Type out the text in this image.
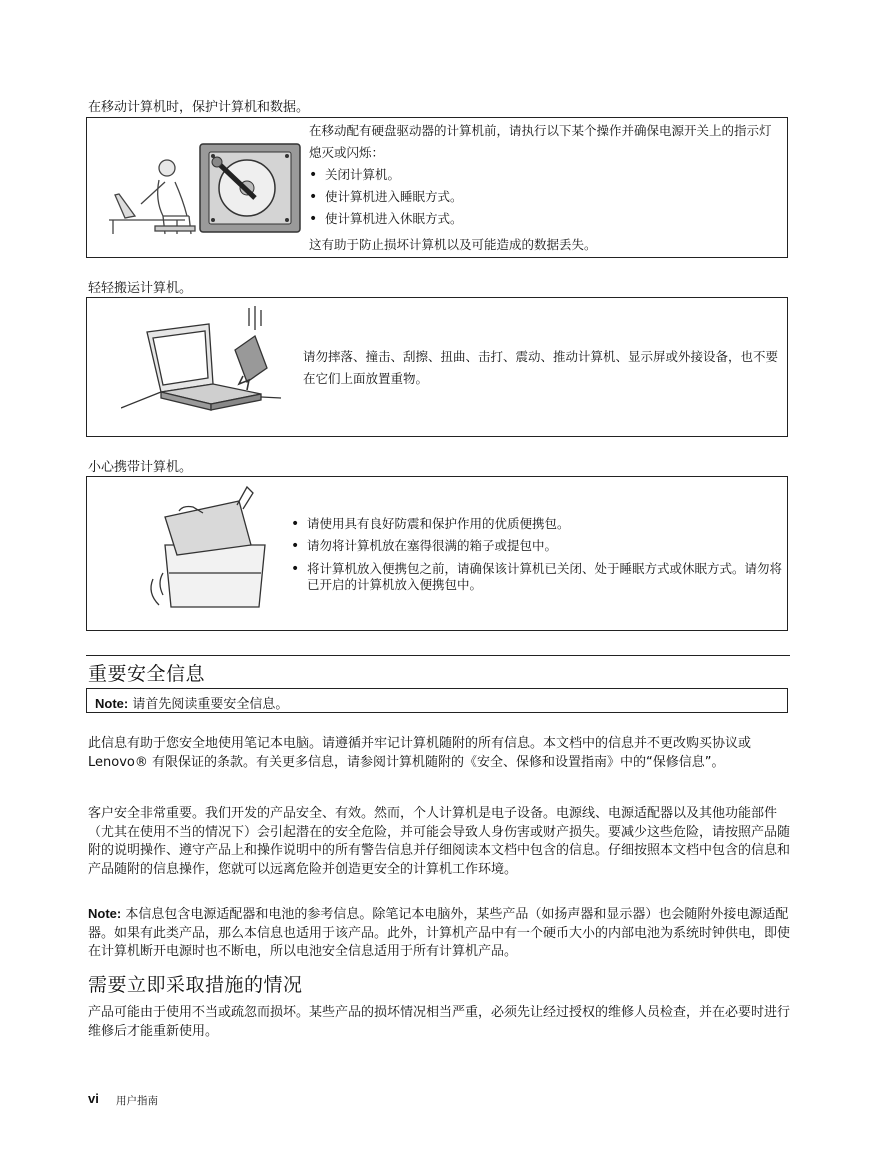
在移动计算机时，保护计算机和数据。
在移动配有硬盘驱动器的计算机前，请执行以下某个操作并确保电源开关上的指示灯熄灭或闪烁：
• 关闭计算机。
• 使计算机进入睡眠方式。
• 使计算机进入休眠方式。
这有助于防止损坏计算机以及可能造成的数据丢失。
轻轻搬运计算机。
请勿摔落、撞击、刮擦、扭曲、击打、震动、推动计算机、显示屏或外接设备，也不要在它们上面放置重物。
小心携带计算机。
• 请使用具有良好防震和保护作用的优质便携包。
• 请勿将计算机放在塞得很满的箱子或提包中。
• 将计算机放入便携包之前，请确保该计算机已关闭、处于睡眠方式或休眠方式。请勿将已开启的计算机放入便携包中。
重要安全信息
Note: 请首先阅读重要安全信息。
此信息有助于您安全地使用笔记本电脑。请遵循并牢记计算机随附的所有信息。本文档中的信息并不更改购买协议或 Lenovo® 有限保证的条款。有关更多信息，请参阅计算机随附的《安全、保修和设置指南》中的“保修信息”。
客户安全非常重要。我们开发的产品安全、有效。然而，个人计算机是电子设备。电源线、电源适配器以及其他功能部件（尤其在使用不当的情况下）会引起潜在的安全危险，并可能会导致人身伤害或财产损失。要减少这些危险，请按照产品随附的说明操作、遵守产品上和操作说明中的所有警告信息并仔细阅读本文档中包含的信息。仔细按照本文档中包含的信息和产品随附的信息操作，您就可以远离危险并创造更安全的计算机工作环境。
Note: 本信息包含电源适配器和电池的参考信息。除笔记本电脑外，某些产品（如扬声器和显示器）也会随附外接电源适配器。如果有此类产品，那么本信息也适用于该产品。此外，计算机产品中有一个硬币大小的内部电池为系统时钟供电，即使在计算机断开电源时也不断电，所以电池安全信息适用于所有计算机产品。
需要立即采取措施的情况
产品可能由于使用不当或疏忽而损坏。某些产品的损坏情况相当严重，必须先让经过授权的维修人员检查，并在必要时进行维修后才能重新使用。
vi 用户指南
